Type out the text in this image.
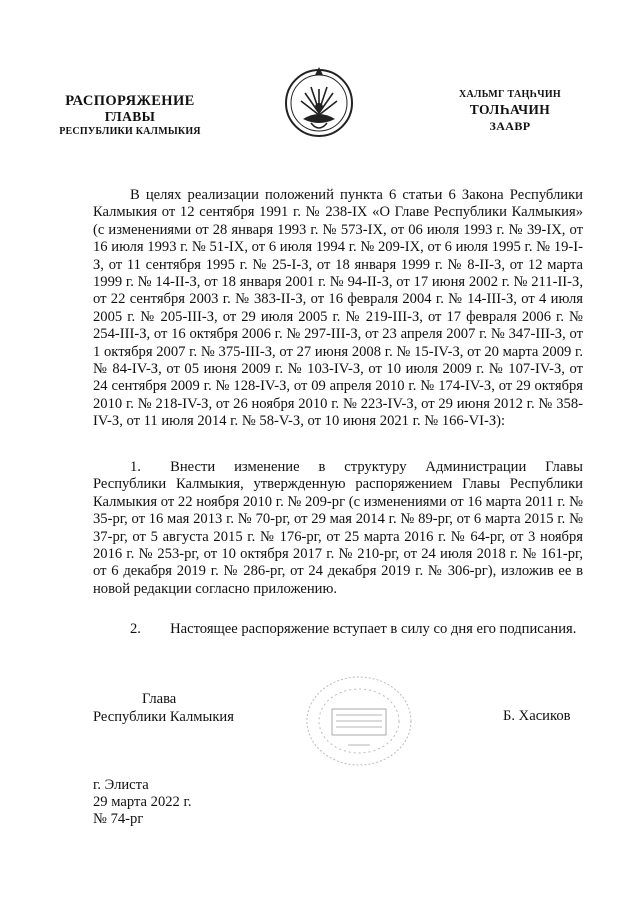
РАСПОРЯЖЕНИЕ
ГЛАВЫ
РЕСПУБЛИКИ КАЛМЫКИЯ
ХАЛЬМГ ТАҢҺЧИН
ТОЛҺАЧИН
ЗААВР

В целях реализации положений пункта 6 статьи 6 Закона Республики Калмыкия от 12 сентября 1991 г. № 238-IX «О Главе Республики Калмыкия» (с изменениями от 28 января 1993 г. № 573-IX, от 06 июля 1993 г. № 39-IX, от 16 июля 1993 г. № 51-IX, от 6 июля 1994 г. № 209-IX, от 6 июля 1995 г. № 19-I-З, от 11 сентября 1995 г. № 25-I-З, от 18 января 1999 г. № 8-II-З, от 12 марта 1999 г. № 14-II-З, от 18 января 2001 г. № 94-II-З, от 17 июня 2002 г. № 211-II-З, от 22 сентября 2003 г. № 383-II-З, от 16 февраля 2004 г. № 14-III-З, от 4 июля 2005 г. № 205-III-З, от 29 июля 2005 г. № 219-III-З, от 17 февраля 2006 г. № 254-III-З, от 16 октября 2006 г. № 297-III-З, от 23 апреля 2007 г. № 347-III-З, от 1 октября 2007 г. № 375-III-З, от 27 июня 2008 г. № 15-IV-З, от 20 марта 2009 г. № 84-IV-З, от 05 июня 2009 г. № 103-IV-З, от 10 июля 2009 г. № 107-IV-З, от 24 сентября 2009 г. № 128-IV-З, от 09 апреля 2010 г. № 174-IV-З, от 29 октября 2010 г. № 218-IV-З, от 26 ноября 2010 г. № 223-IV-З, от 29 июня 2012 г. № 358-IV-З, от 11 июля 2014 г. № 58-V-З, от 10 июня 2021 г. № 166-VI-З):

1.  Внести изменение в структуру Администрации Главы Республики Калмыкия, утвержденную распоряжением Главы Республики Калмыкия от 22 ноября 2010 г. № 209-рг (с изменениями от 16 марта 2011 г. № 35-рг, от 16 мая 2013 г. № 70-рг, от 29 мая 2014 г. № 89-рг, от 6 марта 2015 г. № 37-рг, от 5 августа 2015 г. № 176-рг, от 25 марта 2016 г. № 64-рг, от 3 ноября 2016 г. № 253-рг, от 10 октября 2017 г. № 210-рг, от 24 июля 2018 г. № 161-рг, от 6 декабря 2019 г. № 286-рг, от 24 декабря 2019 г. № 306-рг), изложив ее в новой редакции согласно приложению.

2.  Настоящее распоряжение вступает в силу со дня его подписания.

Глава
Республики Калмыкия	Б. Хасиков
г. Элиста
29 марта 2022 г.
№ 74-рг
